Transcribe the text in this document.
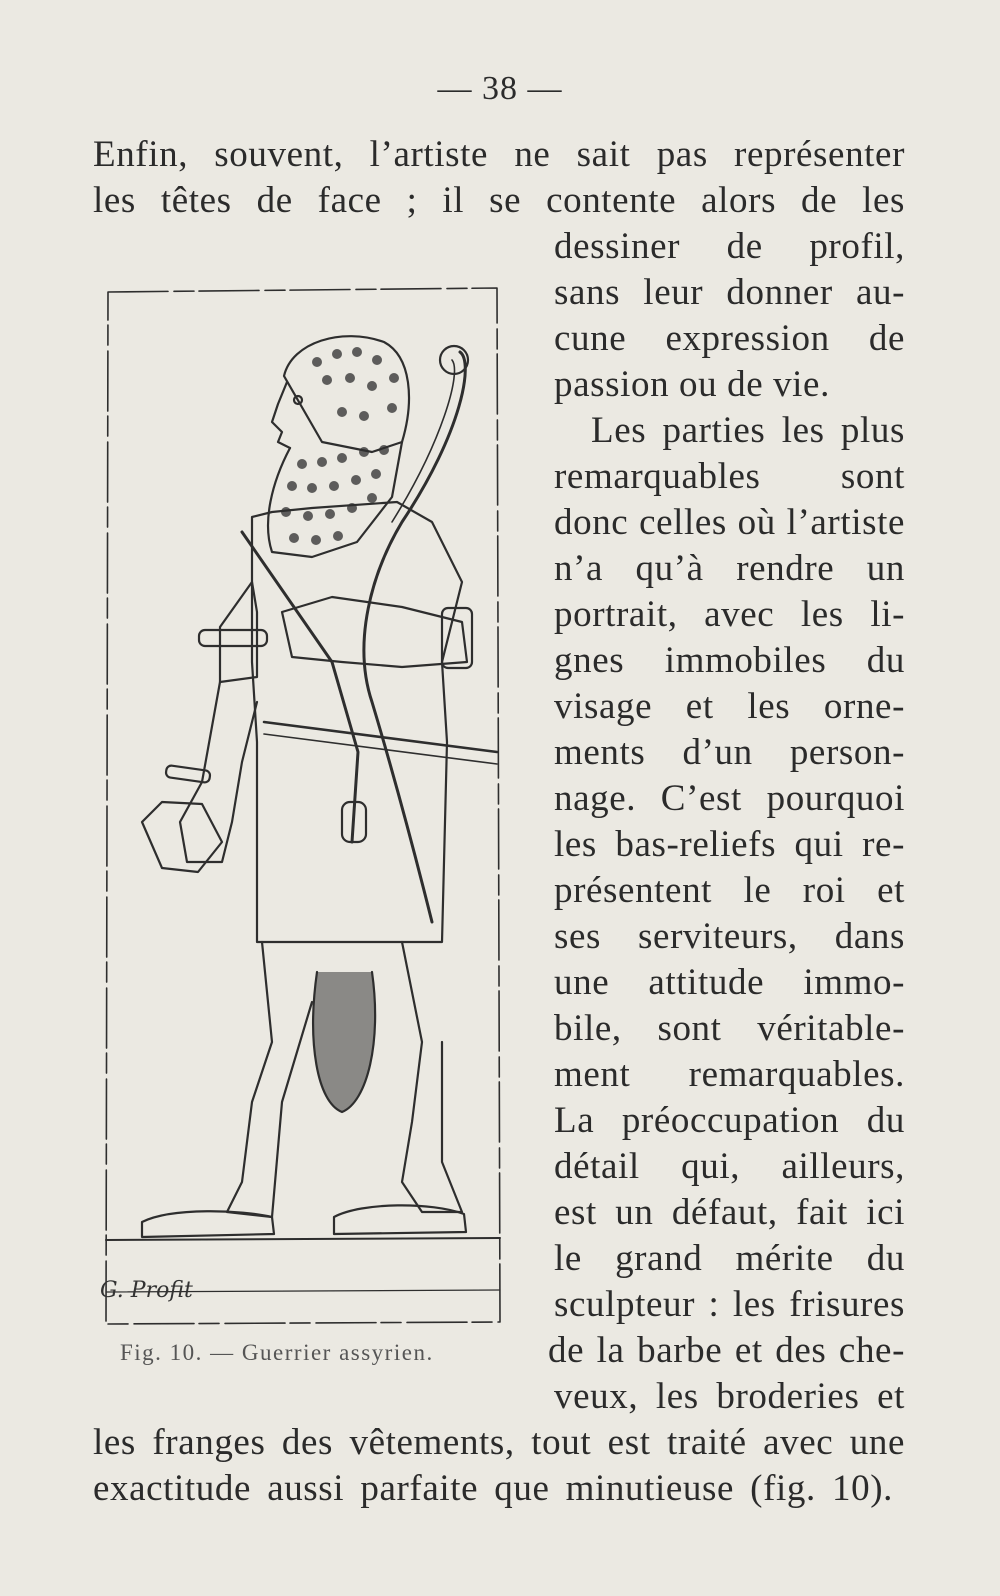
— 38 —
Enfin, souvent, l’artiste ne sait pas représenter
les têtes de face ; il se contente alors de les
dessiner de profil,
sans leur donner au-
cune expression de
passion ou de vie.
Les parties les plus
remarquables sont
donc celles où l’artiste
n’a qu’à rendre un
portrait, avec les li-
gnes immobiles du
visage et les orne-
ments d’un person-
nage. C’est pourquoi
les bas-reliefs qui re-
présentent le roi et
ses serviteurs, dans
une attitude immo-
bile, sont véritable-
ment remarquables.
La préoccupation du
détail qui, ailleurs,
est un défaut, fait ici
le grand mérite du
sculpteur : les frisures
de la barbe et des che-
veux, les broderies et
les franges des vêtements, tout est traité avec une
exactitude aussi parfaite que minutieuse (fig. 10).
G. Profit
Fig. 10. — Guerrier assyrien.
